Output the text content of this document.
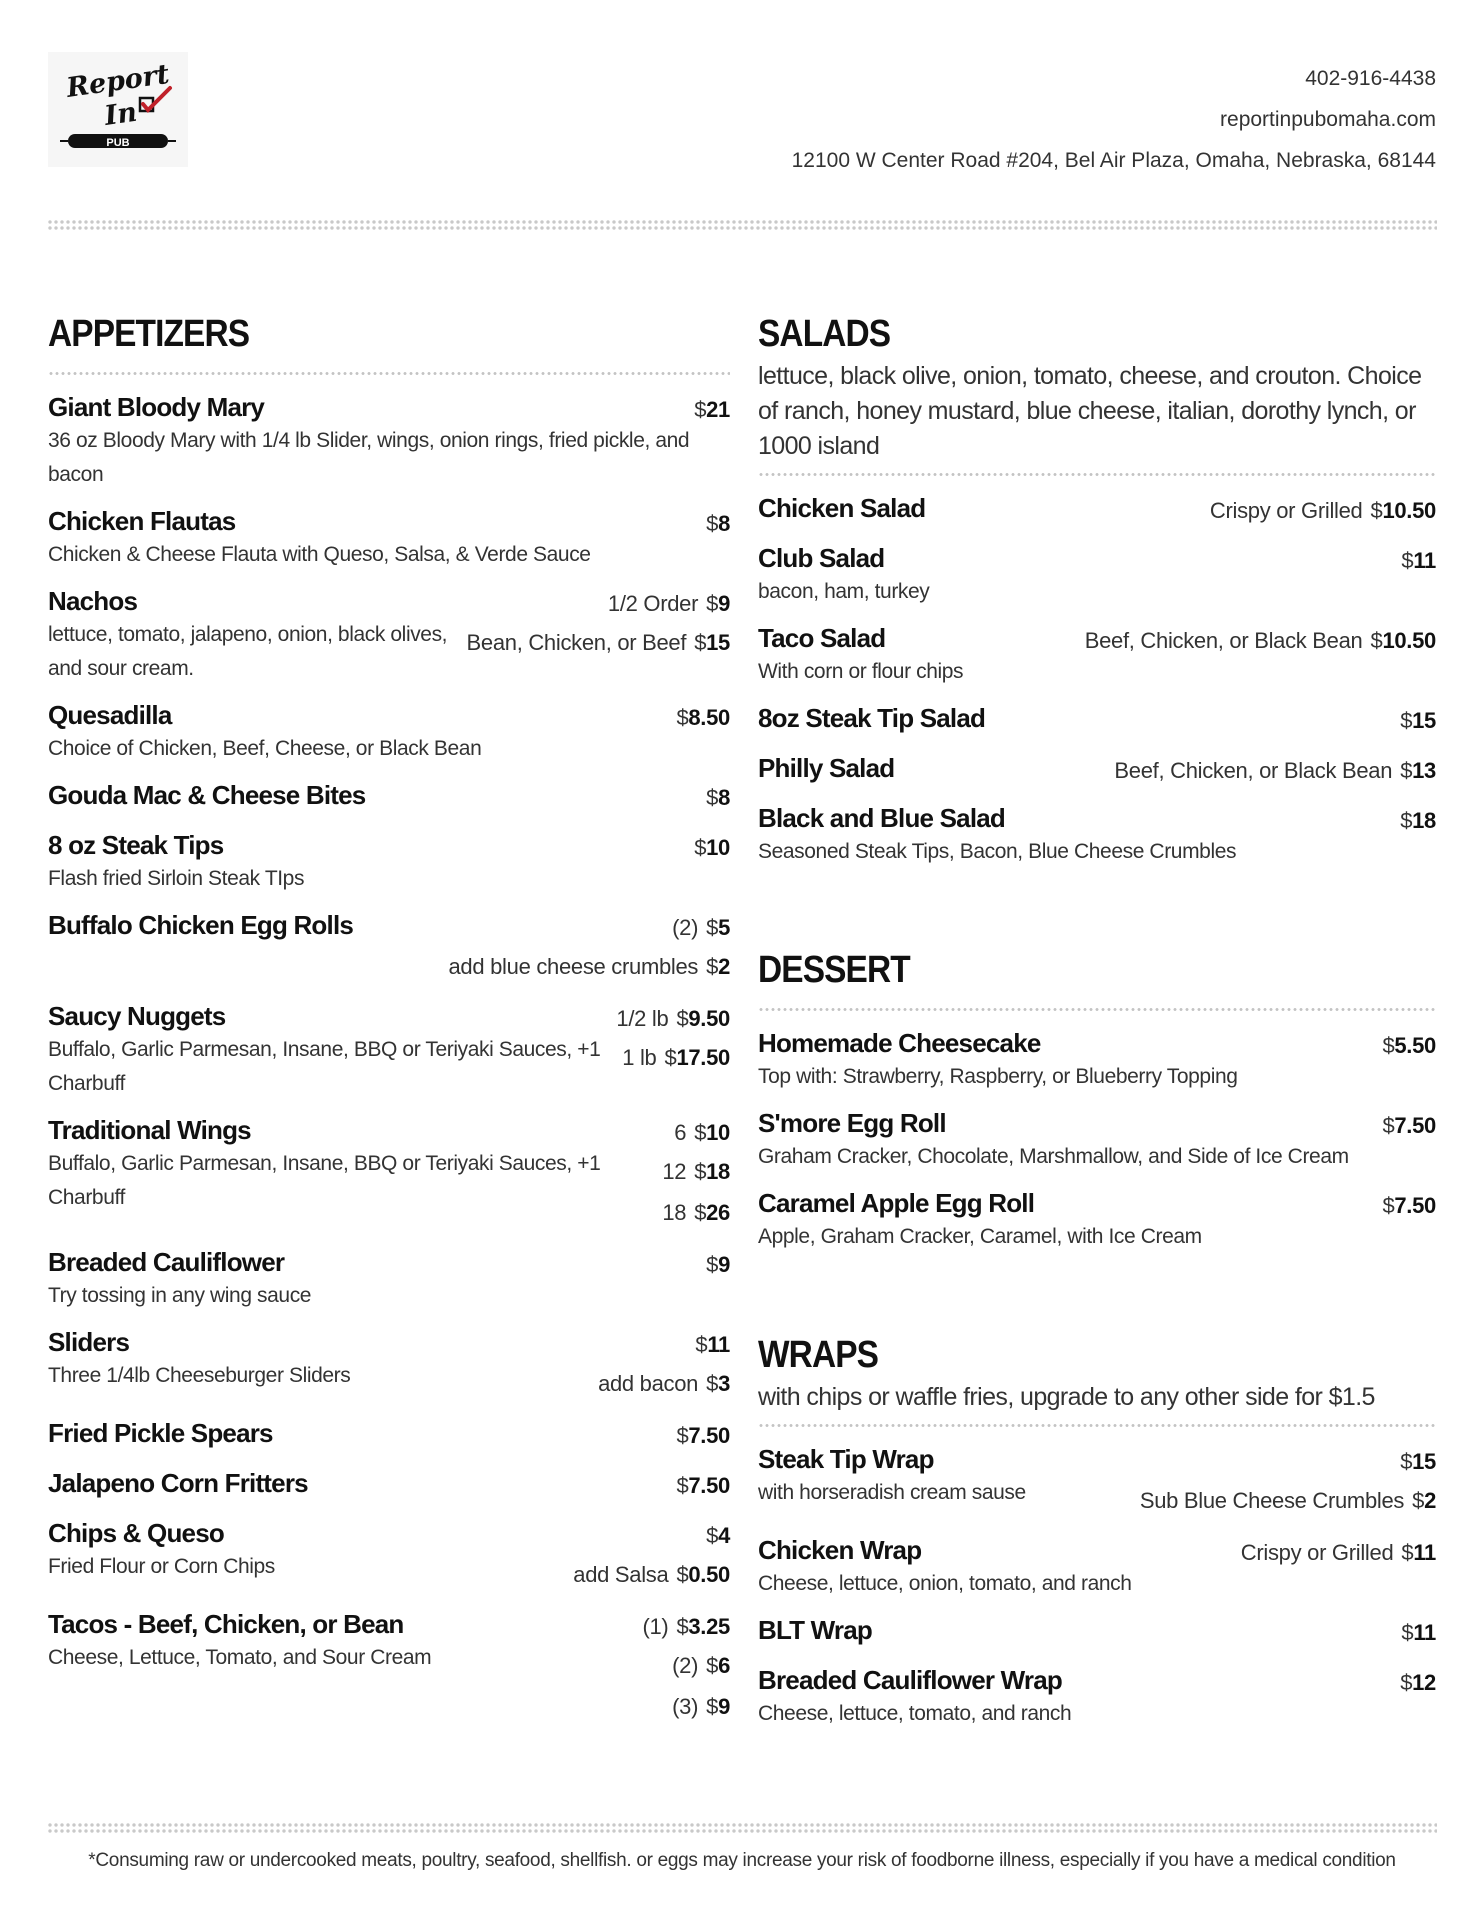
Report
In
PUB
402-916-4438
reportinpubomaha.com
12100 W Center Road #204, Bel Air Plaza, Omaha, Nebraska, 68144
APPETIZERS
Giant Bloody Mary
36 oz Bloody Mary with 1/4 lb Slider, wings, onion rings, fried pickle, and bacon
$21
Chicken Flautas
Chicken & Cheese Flauta with Queso, Salsa, & Verde Sauce
$8
Nachos
lettuce, tomato, jalapeno, onion, black olives, and sour cream.
1/2 Order $9
Bean, Chicken, or Beef $15
Quesadilla
Choice of Chicken, Beef, Cheese, or Black Bean
$8.50
Gouda Mac & Cheese Bites	$8
8 oz Steak Tips
Flash fried Sirloin Steak TIps
$10
Buffalo Chicken Egg Rolls	(2) $5
add blue cheese crumbles $2
Saucy Nuggets
Buffalo, Garlic Parmesan, Insane, BBQ or Teriyaki Sauces, +1 Charbuff
1/2 lb $9.50
1 lb $17.50
Traditional Wings
Buffalo, Garlic Parmesan, Insane, BBQ or Teriyaki Sauces, +1 Charbuff
6 $10
12 $18
18 $26
Breaded Cauliflower
Try tossing in any wing sauce
$9
Sliders
Three 1/4lb Cheeseburger Sliders
$11
add bacon $3
Fried Pickle Spears	$7.50
Jalapeno Corn Fritters	$7.50
Chips & Queso
Fried Flour or Corn Chips
$4
add Salsa $0.50
Tacos - Beef, Chicken, or Bean
Cheese, Lettuce, Tomato, and Sour Cream
(1) $3.25
(2) $6
(3) $9
SALADS
lettuce, black olive, onion, tomato, cheese, and crouton. Choice of ranch, honey mustard, blue cheese, italian, dorothy lynch, or 1000 island
Chicken Salad	Crispy or Grilled $10.50
Club Salad
bacon, ham, turkey
$11
Taco Salad
With corn or flour chips
Beef, Chicken, or Black Bean $10.50
8oz Steak Tip Salad	$15
Philly Salad	Beef, Chicken, or Black Bean $13
Black and Blue Salad
Seasoned Steak Tips, Bacon, Blue Cheese Crumbles
$18
DESSERT
Homemade Cheesecake
Top with: Strawberry, Raspberry, or Blueberry Topping
$5.50
S'more Egg Roll
Graham Cracker, Chocolate, Marshmallow, and Side of Ice Cream
$7.50
Caramel Apple Egg Roll
Apple, Graham Cracker, Caramel, with Ice Cream
$7.50
WRAPS
with chips or waffle fries, upgrade to any other side for $1.5
Steak Tip Wrap
with horseradish cream sause
$15
Sub Blue Cheese Crumbles $2
Chicken Wrap
Cheese, lettuce, onion, tomato, and ranch
Crispy or Grilled $11
BLT Wrap	$11
Breaded Cauliflower Wrap
Cheese, lettuce, tomato, and ranch
$12
*Consuming raw or undercooked meats, poultry, seafood, shellfish. or eggs may increase your risk of foodborne illness, especially if you have a medical condition
